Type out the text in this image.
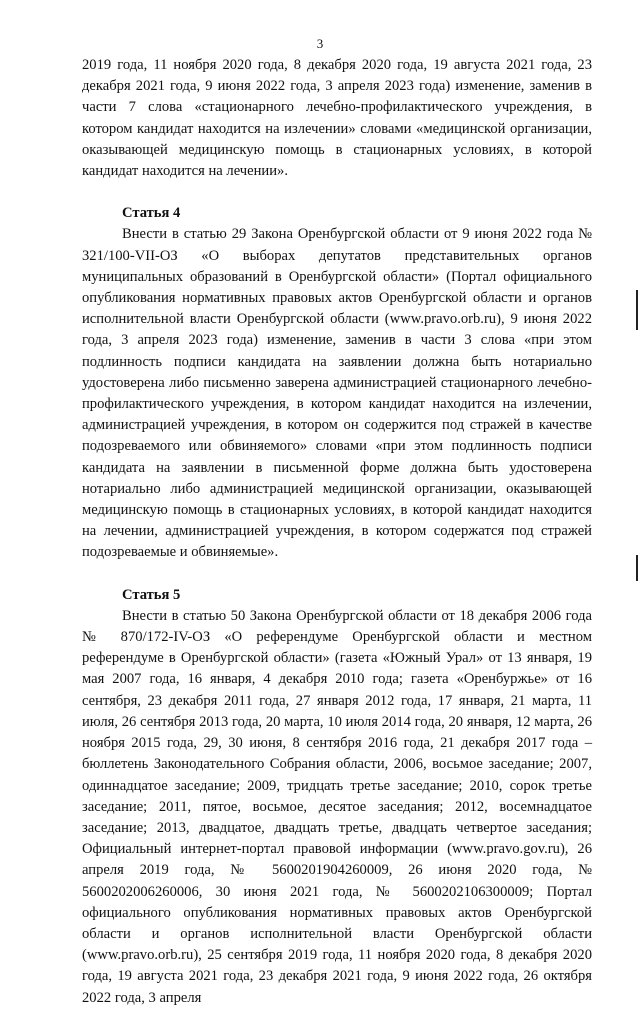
3

2019 года, 11 ноября 2020 года, 8 декабря 2020 года, 19 августа 2021 года, 23 декабря 2021 года, 9 июня 2022 года, 3 апреля 2023 года) изменение, заменив в части 7 слова «стационарного лечебно-профилактического учреждения, в котором кандидат находится на излечении» словами «медицинской организации, оказывающей медицинскую помощь в стационарных условиях, в которой кандидат находится на лечении».

Статья 4

Внести в статью 29 Закона Оренбургской области от 9 июня 2022 года № 321/100-VII-ОЗ «О выборах депутатов представительных органов муниципальных образований в Оренбургской области» (Портал официального опубликования нормативных правовых актов Оренбургской области и органов исполнительной власти Оренбургской области (www.pravo.orb.ru), 9 июня 2022 года, 3 апреля 2023 года) изменение, заменив в части 3 слова «при этом подлинность подписи кандидата на заявлении должна быть нотариально удостоверена либо письменно заверена администрацией стационарного лечебно-профилактического учреждения, в котором кандидат находится на излечении, администрацией учреждения, в котором он содержится под стражей в качестве подозреваемого или обвиняемого» словами «при этом подлинность подписи кандидата на заявлении в письменной форме должна быть удостоверена нотариально либо администрацией медицинской организации, оказывающей медицинскую помощь в стационарных условиях, в которой кандидат находится на лечении, администрацией учреждения, в котором содержатся под стражей подозреваемые и обвиняемые».

Статья 5

Внести в статью 50 Закона Оренбургской области от 18 декабря 2006 года № 870/172-IV-ОЗ «О референдуме Оренбургской области и местном референдуме в Оренбургской области» (газета «Южный Урал» от 13 января, 19 мая 2007 года, 16 января, 4 декабря 2010 года; газета «Оренбуржье» от 16 сентября, 23 декабря 2011 года, 27 января 2012 года, 17 января, 21 марта, 11 июля, 26 сентября 2013 года, 20 марта, 10 июля 2014 года, 20 января, 12 марта, 26 ноября 2015 года, 29, 30 июня, 8 сентября 2016 года, 21 декабря 2017 года – бюллетень Законодательного Собрания области, 2006, восьмое заседание; 2007, одиннадцатое заседание; 2009, тридцать третье заседание; 2010, сорок третье заседание; 2011, пятое, восьмое, десятое заседания; 2012, восемнадцатое заседание; 2013, двадцатое, двадцать третье, двадцать четвертое заседания; Официальный интернет-портал правовой информации (www.pravo.gov.ru), 26 апреля 2019 года, № 5600201904260009, 26 июня 2020 года, № 5600202006260006, 30 июня 2021 года, № 5600202106300009; Портал официального опубликования нормативных правовых актов Оренбургской области и органов исполнительной власти Оренбургской области (www.pravo.orb.ru), 25 сентября 2019 года, 11 ноября 2020 года, 8 декабря 2020 года, 19 августа 2021 года, 23 декабря 2021 года, 9 июня 2022 года, 26 октября 2022 года, 3 апреля
